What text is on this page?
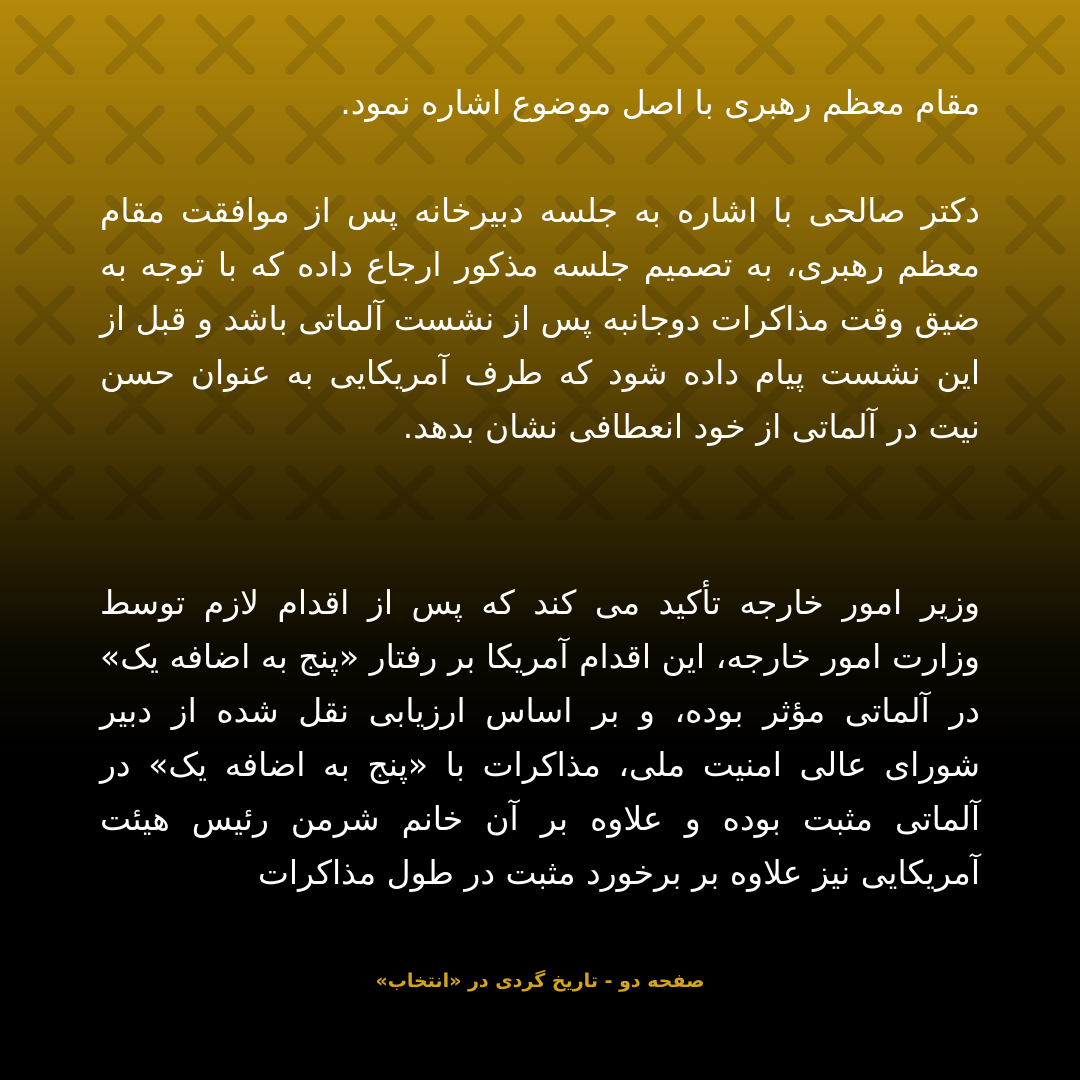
مقام معظم رهبری با اصل موضوع اشاره نمود.

دکتر صالحی با اشاره به جلسه دبیرخانه پس از موافقت مقام معظم رهبری، به تصمیم جلسه مذکور ارجاع داده که با توجه به ضیق وقت مذاکرات دوجانبه پس از نشست آلماتی باشد و قبل از این نشست پیام داده شود که طرف آمریکایی به عنوان حسن نیت در آلماتی از خود انعطافی نشان بدهد.

وزیر امور خارجه تأکید می کند که پس از اقدام لازم توسط وزارت امور خارجه، این اقدام آمریکا بر رفتار «پنج به اضافه یک» در آلماتی مؤثر بوده، و بر اساس ارزیابی نقل شده از دبیر شورای عالی امنیت ملی، مذاکرات با «پنج به اضافه یک» در آلماتی مثبت بوده و علاوه بر آن خانم شرمن رئیس هیئت آمریکایی نیز علاوه بر برخورد مثبت در طول مذاکرات

صفحه دو - تاریخ گردی در «انتخاب»
